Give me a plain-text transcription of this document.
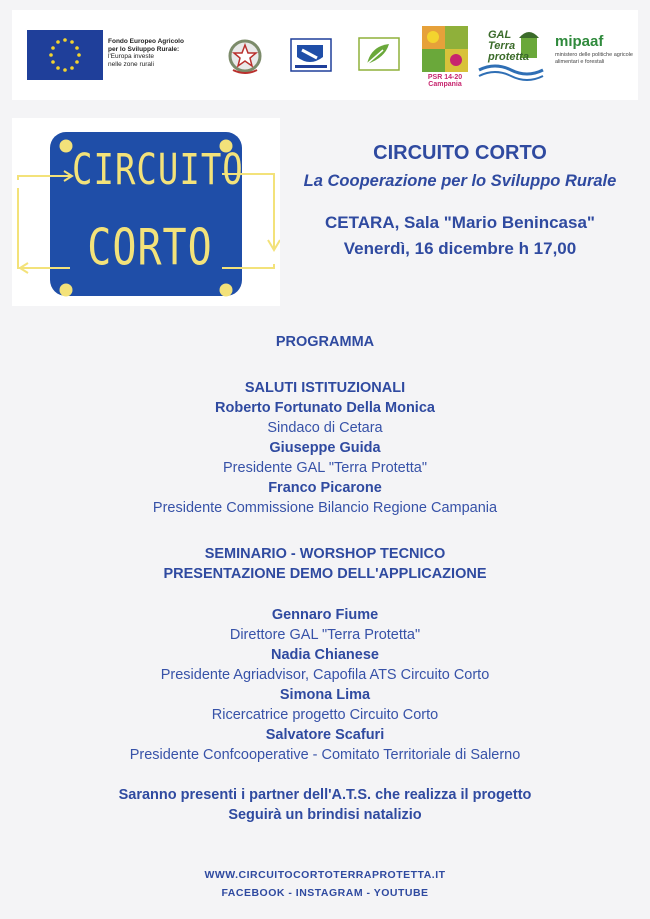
Fondo Europeo Agricolo
per lo Sviluppo Rurale:
l'Europa investe
nelle zone rurali
PSR 14-20 Campania
GAL Terra protetta
mipaaf
ministero delle politiche agricole alimentari e forestali
CIRCUITO
CORTO

CIRCUITO CORTO

La Cooperazione per lo Sviluppo Rurale

CETARA, Sala "Mario Benincasa"

Venerdì, 16 dicembre h 17,00

PROGRAMMA
SALUTI ISTITUZIONALI
Roberto Fortunato Della Monica
Sindaco di Cetara
Giuseppe Guida
Presidente GAL "Terra Protetta"
Franco Picarone
Presidente Commissione Bilancio Regione Campania
SEMINARIO - WORSHOP TECNICO
PRESENTAZIONE DEMO DELL'APPLICAZIONE
Gennaro Fiume
Direttore GAL "Terra Protetta"
Nadia Chianese
Presidente Agriadvisor, Capofila ATS Circuito Corto
Simona Lima
Ricercatrice progetto Circuito Corto
Salvatore Scafuri
Presidente Confcooperative - Comitato Territoriale di Salerno
Saranno presenti i partner dell'A.T.S. che realizza il progetto
Seguirà un brindisi natalizio
WWW.CIRCUITOCORTOTERRAPROTETTA.IT
FACEBOOK - INSTAGRAM - YOUTUBE
